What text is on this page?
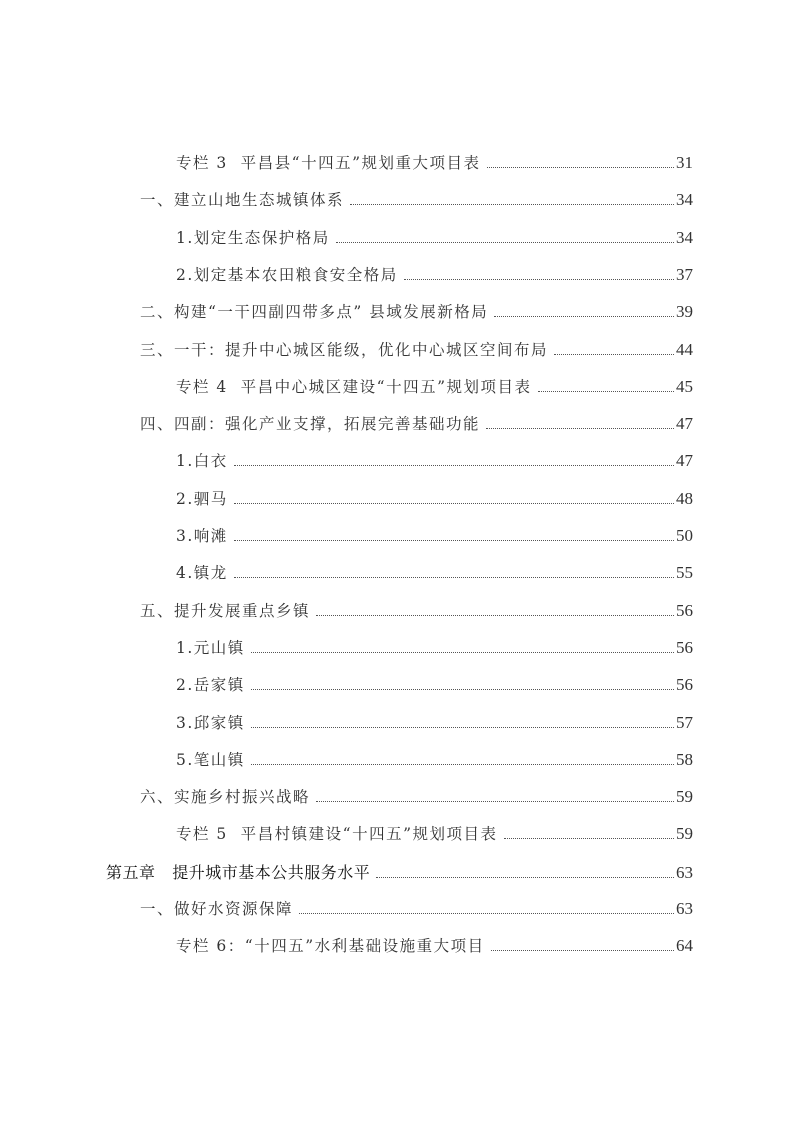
专栏 3  平昌县“十四五”规划重大项目表	31
一、建立山地生态城镇体系	34
1.划定生态保护格局	34
2.划定基本农田粮食安全格局	37
二、构建“一干四副四带多点” 县域发展新格局	39
三、一干：提升中心城区能级，优化中心城区空间布局	44
专栏 4  平昌中心城区建设“十四五”规划项目表	45
四、四副：强化产业支撑，拓展完善基础功能	47
1.白衣	47
2.驷马	48
3.响滩	50
4.镇龙	55
五、提升发展重点乡镇	56
1.元山镇	56
2.岳家镇	56
3.邱家镇	57
5.笔山镇	58
六、实施乡村振兴战略	59
专栏 5  平昌村镇建设“十四五”规划项目表	59
第五章   提升城市基本公共服务水平	63
一、做好水资源保障	63
专栏 6：“十四五”水利基础设施重大项目	64
